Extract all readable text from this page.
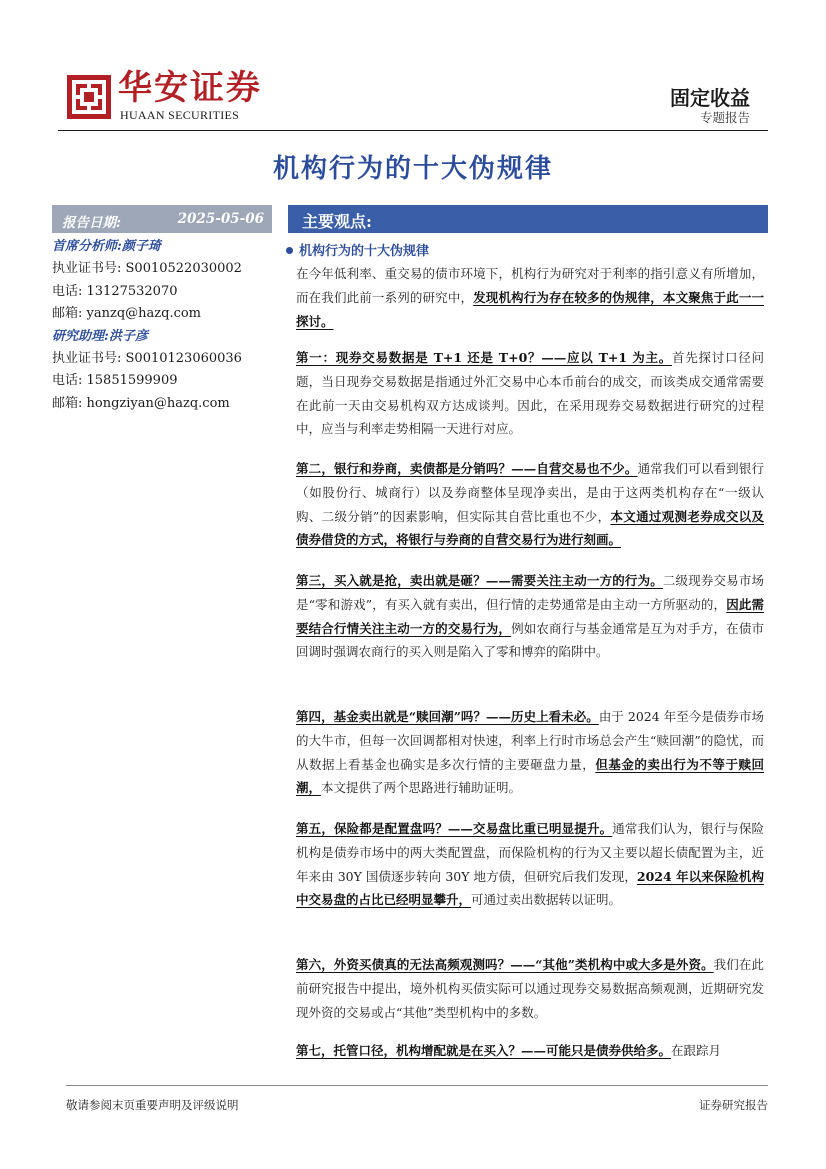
华安证券
HUAAN SECURITIES
固定收益
专题报告
机构行为的十大伪规律
报告日期:	2025-05-06
首席分析师:颜子琦
执业证书号: S0010522030002
电话: 13127532070
邮箱: yanzq@hazq.com
研究助理:洪子彦
执业证书号: S0010123060036
电话: 15851599909
邮箱: hongziyan@hazq.com
主要观点:
机构行为的十大伪规律
在今年低利率、重交易的债市环境下，机构行为研究对于利率的指引意义有所增加，而在我们此前一系列的研究中，发现机构行为存在较多的伪规律，本文聚焦于此一一探讨。
第一：现券交易数据是 T+1 还是 T+0？——应以 T+1 为主。首先探讨口径问题，当日现券交易数据是指通过外汇交易中心本币前台的成交，而该类成交通常需要在此前一天由交易机构双方达成谈判。因此，在采用现券交易数据进行研究的过程中，应当与利率走势相隔一天进行对应。
第二，银行和券商，卖债都是分销吗？——自营交易也不少。通常我们可以看到银行（如股份行、城商行）以及券商整体呈现净卖出，是由于这两类机构存在“一级认购、二级分销”的因素影响，但实际其自营比重也不少，本文通过观测老券成交以及债券借贷的方式，将银行与券商的自营交易行为进行刻画。
第三，买入就是抢，卖出就是砸？——需要关注主动一方的行为。二级现券交易市场是“零和游戏”，有买入就有卖出，但行情的走势通常是由主动一方所驱动的，因此需要结合行情关注主动一方的交易行为，例如农商行与基金通常是互为对手方，在债市回调时强调农商行的买入则是陷入了零和博弈的陷阱中。
第四，基金卖出就是“赎回潮”吗？——历史上看未必。由于 2024 年至今是债券市场的大牛市，但每一次回调都相对快速，利率上行时市场总会产生“赎回潮”的隐忧，而从数据上看基金也确实是多次行情的主要砸盘力量，但基金的卖出行为不等于赎回潮，本文提供了两个思路进行辅助证明。
第五，保险都是配置盘吗？——交易盘比重已明显提升。通常我们认为，银行与保险机构是债券市场中的两大类配置盘，而保险机构的行为又主要以超长债配置为主，近年来由 30Y 国债逐步转向 30Y 地方债，但研究后我们发现，2024 年以来保险机构中交易盘的占比已经明显攀升，可通过卖出数据转以证明。
第六，外资买债真的无法高频观测吗？——“其他”类机构中或大多是外资。我们在此前研究报告中提出，境外机构买债实际可以通过现券交易数据高频观测，近期研究发现外资的交易或占“其他”类型机构中的多数。
第七，托管口径，机构增配就是在买入？——可能只是债券供给多。在跟踪月
敬请参阅末页重要声明及评级说明	证券研究报告
